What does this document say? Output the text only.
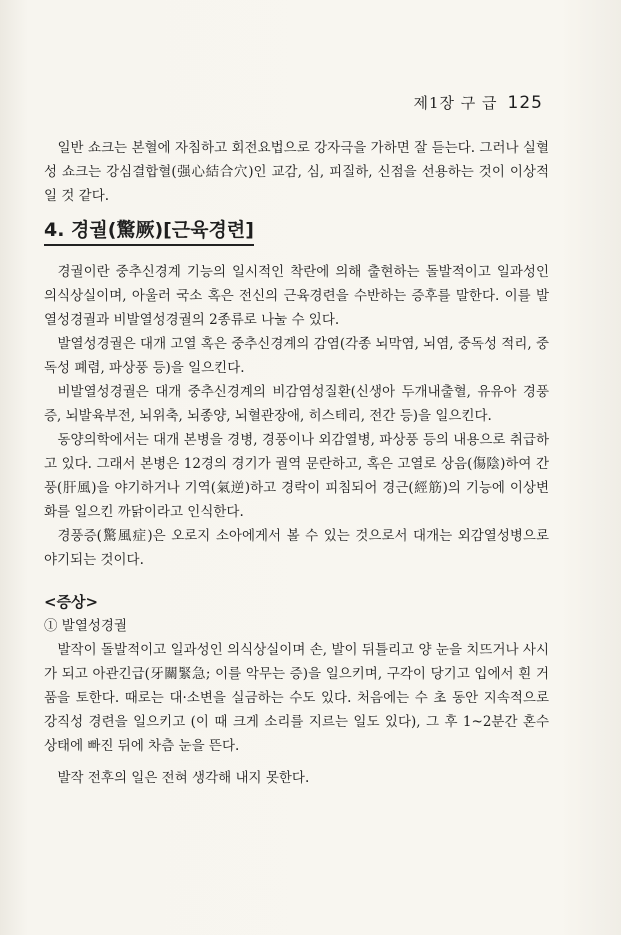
제1장 구 급 125

일반 쇼크는 본혈에 자침하고 회전요법으로 강자극을 가하면 잘 듣는다. 그러나 실혈성 쇼크는 강심결합혈(强心結合穴)인 교감, 심, 피질하, 신점을 선용하는 것이 이상적일 것 같다.

4. 경궐(驚厥)[근육경련]

경궐이란 중추신경계 기능의 일시적인 착란에 의해 출현하는 돌발적이고 일과성인 의식상실이며, 아울러 국소 혹은 전신의 근육경련을 수반하는 증후를 말한다. 이를 발열성경궐과 비발열성경궐의 2종류로 나눌 수 있다.

발열성경궐은 대개 고열 혹은 중추신경계의 감염(각종 뇌막염, 뇌염, 중독성 적리, 중독성 폐렴, 파상풍 등)을 일으킨다.

비발열성경궐은 대개 중추신경계의 비감염성질환(신생아 두개내출혈, 유유아 경풍증, 뇌발육부전, 뇌위축, 뇌종양, 뇌혈관장애, 히스테리, 전간 등)을 일으킨다.

동양의학에서는 대개 본병을 경병, 경풍이나 외감열병, 파상풍 등의 내용으로 취급하고 있다. 그래서 본병은 12경의 경기가 궐역 문란하고, 혹은 고열로 상음(傷陰)하여 간풍(肝風)을 야기하거나 기역(氣逆)하고 경락이 피침되어 경근(經筋)의 기능에 이상변화를 일으킨 까닭이라고 인식한다.

경풍증(驚風症)은 오로지 소아에게서 볼 수 있는 것으로서 대개는 외감열성병으로 야기되는 것이다.

<증상>

① 발열성경궐

발작이 돌발적이고 일과성인 의식상실이며 손, 발이 뒤틀리고 양 눈을 치뜨거나 사시가 되고 아관긴급(牙關緊急; 이를 악무는 증)을 일으키며, 구각이 당기고 입에서 흰 거품을 토한다. 때로는 대·소변을 실금하는 수도 있다. 처음에는 수 초 동안 지속적으로 강직성 경련을 일으키고 (이 때 크게 소리를 지르는 일도 있다), 그 후 1~2분간 혼수 상태에 빠진 뒤에 차츰 눈을 뜬다.

발작 전후의 일은 전혀 생각해 내지 못한다.
